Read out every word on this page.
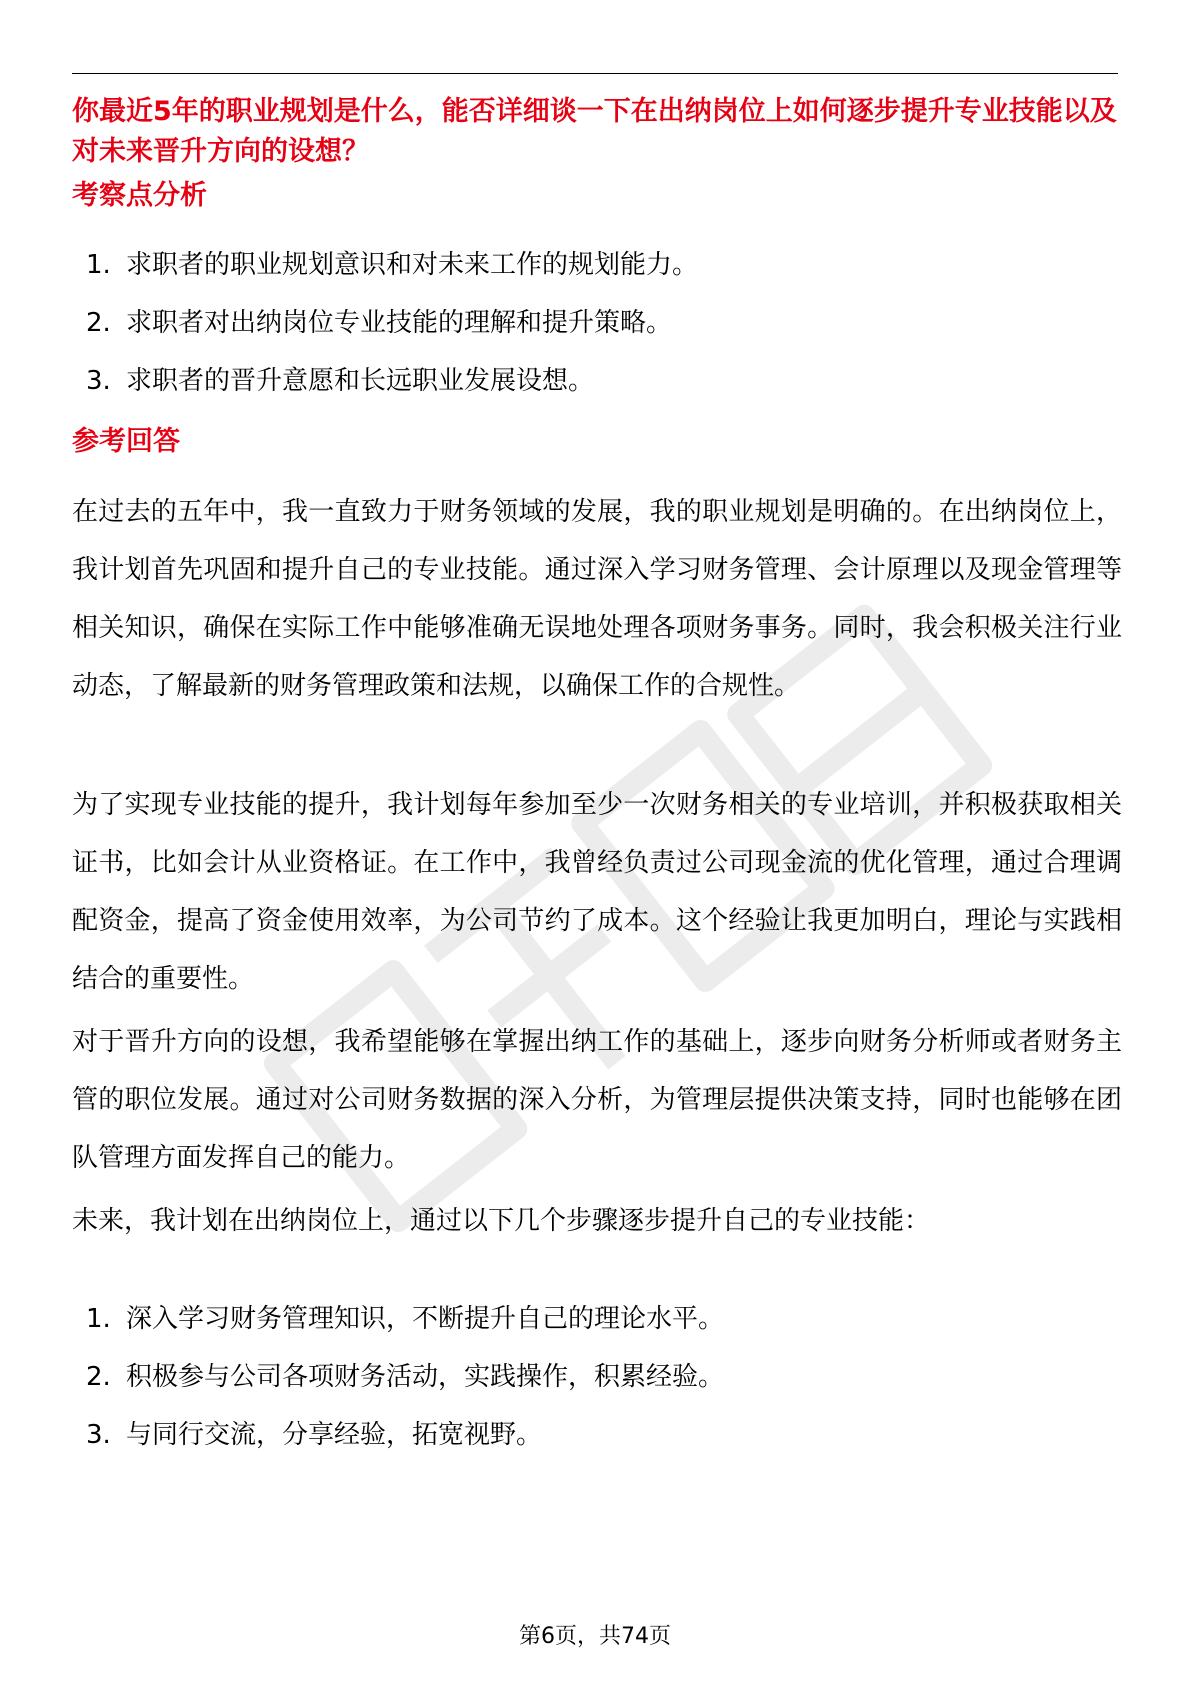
你最近5年的职业规划是什么，能否详细谈一下在出纳岗位上如何逐步提升专业技能以及对未来晋升方向的设想？
考察点分析
1. 求职者的职业规划意识和对未来工作的规划能力。
2. 求职者对出纳岗位专业技能的理解和提升策略。
3. 求职者的晋升意愿和长远职业发展设想。
参考回答

在过去的五年中，我一直致力于财务领域的发展，我的职业规划是明确的。在出纳岗位上，我计划首先巩固和提升自己的专业技能。通过深入学习财务管理、会计原理以及现金管理等相关知识，确保在实际工作中能够准确无误地处理各项财务事务。同时，我会积极关注行业动态，了解最新的财务管理政策和法规，以确保工作的合规性。

为了实现专业技能的提升，我计划每年参加至少一次财务相关的专业培训，并积极获取相关证书，比如会计从业资格证。在工作中，我曾经负责过公司现金流的优化管理，通过合理调配资金，提高了资金使用效率，为公司节约了成本。这个经验让我更加明白，理论与实践相结合的重要性。

对于晋升方向的设想，我希望能够在掌握出纳工作的基础上，逐步向财务分析师或者财务主管的职位发展。通过对公司财务数据的深入分析，为管理层提供决策支持，同时也能够在团队管理方面发挥自己的能力。

未来，我计划在出纳岗位上，通过以下几个步骤逐步提升自己的专业技能：

1. 深入学习财务管理知识，不断提升自己的理论水平。
2. 积极参与公司各项财务活动，实践操作，积累经验。
3. 与同行交流，分享经验，拓宽视野。
第6页，共74页
